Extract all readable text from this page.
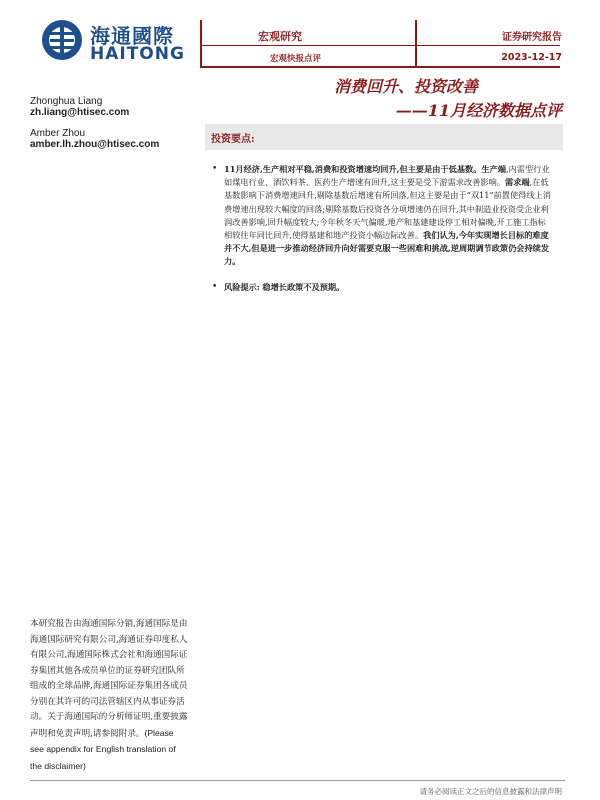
海通國際
HAITONG
宏观研究
宏观快报点评
证券研究报告
2023-12-17
消费回升、投资改善
——11月经济数据点评
Zhonghua Liang
zh.liang@htisec.com
Amber Zhou
amber.lh.zhou@htisec.com	投资要点:
• 11月经济,生产相对平稳,消费和投资增速均回升,但主要是由于低基数。生产端,内需型行业如煤电行业、酒饮料茶、医药生产增速有回升,这主要是受下游需求改善影响。需求端,在低基数影响下消费增速回升,剔除基数后增速有所回落,但这主要是由于“双11”前置使得线上消费增速出现较大幅度的回落;剔除基数后投资各分项增速仍在回升,其中制造业投资受企业利润改善影响,回升幅度较大;今年秋冬天气偏暖,地产和基建建设停工相对偏晚,开工施工指标相较往年同比回升,使得基建和地产投资小幅边际改善。我们认为,今年实现增长目标的难度并不大,但是进一步推动经济回升向好需要克服一些困难和挑战,逆周期调节政策仍会持续发力。
• 风险提示: 稳增长政策不及预期。
本研究报告由海通国际分销,海通国际是由海通国际研究有限公司,海通证券印度私人有限公司,海通国际株式会社和海通国际证券集团其他各成员单位的证券研究团队所组成的全球品牌,海通国际证券集团各成员分别在其许可的司法管辖区内从事证券活动。关于海通国际的分析师证明,重要披露声明和免责声明,请参阅附录。(Please see appendix for English translation of the disclaimer)
请务必阅读正文之后的信息披露和法律声明
